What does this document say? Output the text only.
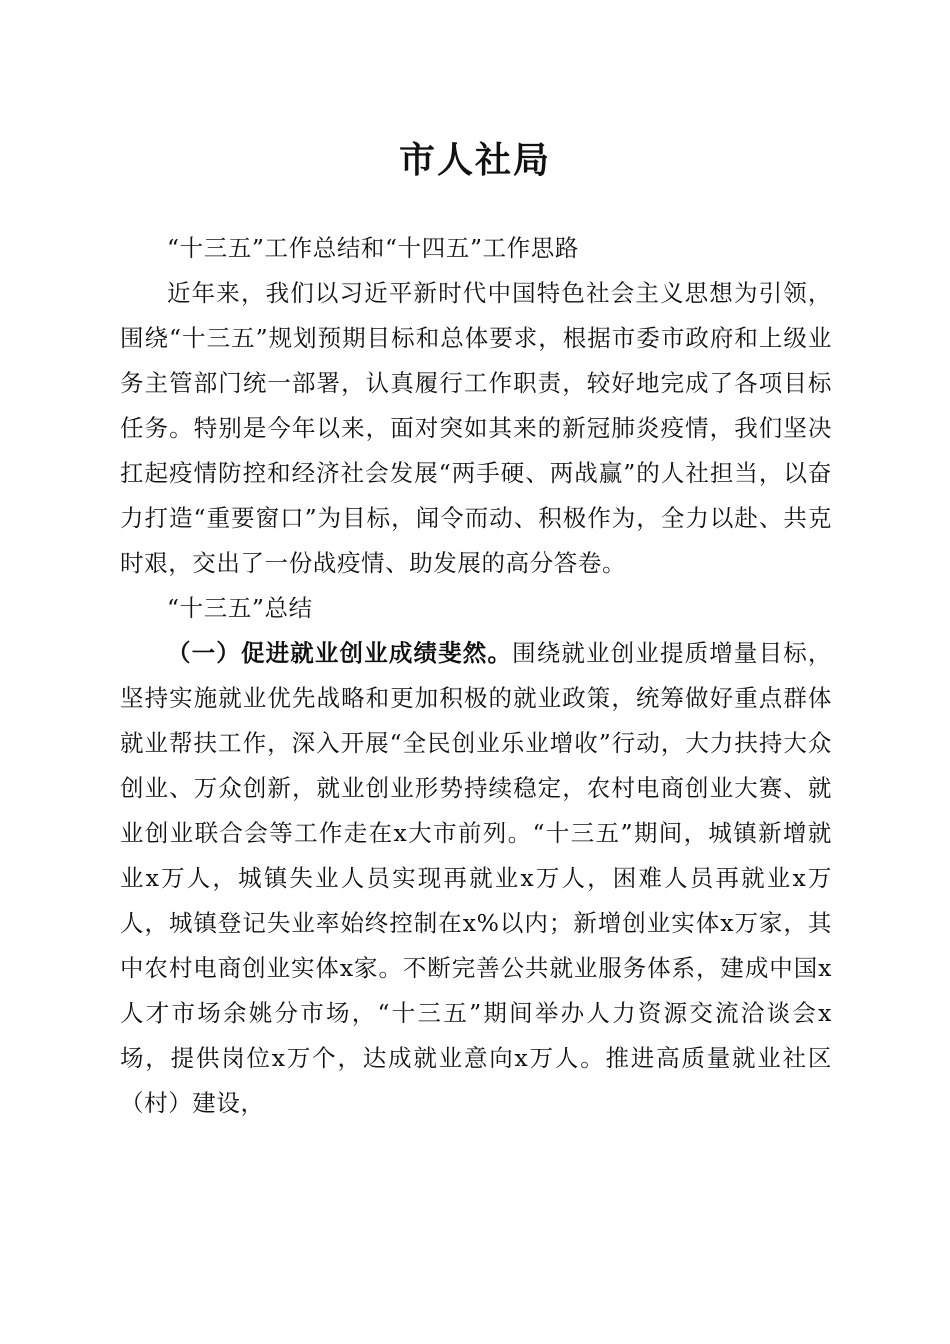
市人社局

“十三五”工作总结和“十四五”工作思路

近年来，我们以习近平新时代中国特色社会主义思想为引领，围绕“十三五”规划预期目标和总体要求，根据市委市政府和上级业务主管部门统一部署，认真履行工作职责，较好地完成了各项目标任务。特别是今年以来，面对突如其来的新冠肺炎疫情，我们坚决扛起疫情防控和经济社会发展“两手硬、两战赢”的人社担当，以奋力打造“重要窗口”为目标，闻令而动、积极作为，全力以赴、共克时艰，交出了一份战疫情、助发展的高分答卷。

“十三五”总结

（一）促进就业创业成绩斐然。围绕就业创业提质增量目标，坚持实施就业优先战略和更加积极的就业政策，统筹做好重点群体就业帮扶工作，深入开展“全民创业乐业增收”行动，大力扶持大众创业、万众创新，就业创业形势持续稳定，农村电商创业大赛、就业创业联合会等工作走在x大市前列。“十三五”期间，城镇新增就业x万人，城镇失业人员实现再就业x万人，困难人员再就业x万人，城镇登记失业率始终控制在x%以内；新增创业实体x万家，其中农村电商创业实体x家。不断完善公共就业服务体系，建成中国x人才市场余姚分市场，“十三五”期间举办人力资源交流洽谈会x场，提供岗位x万个，达成就业意向x万人。推进高质量就业社区（村）建设，
